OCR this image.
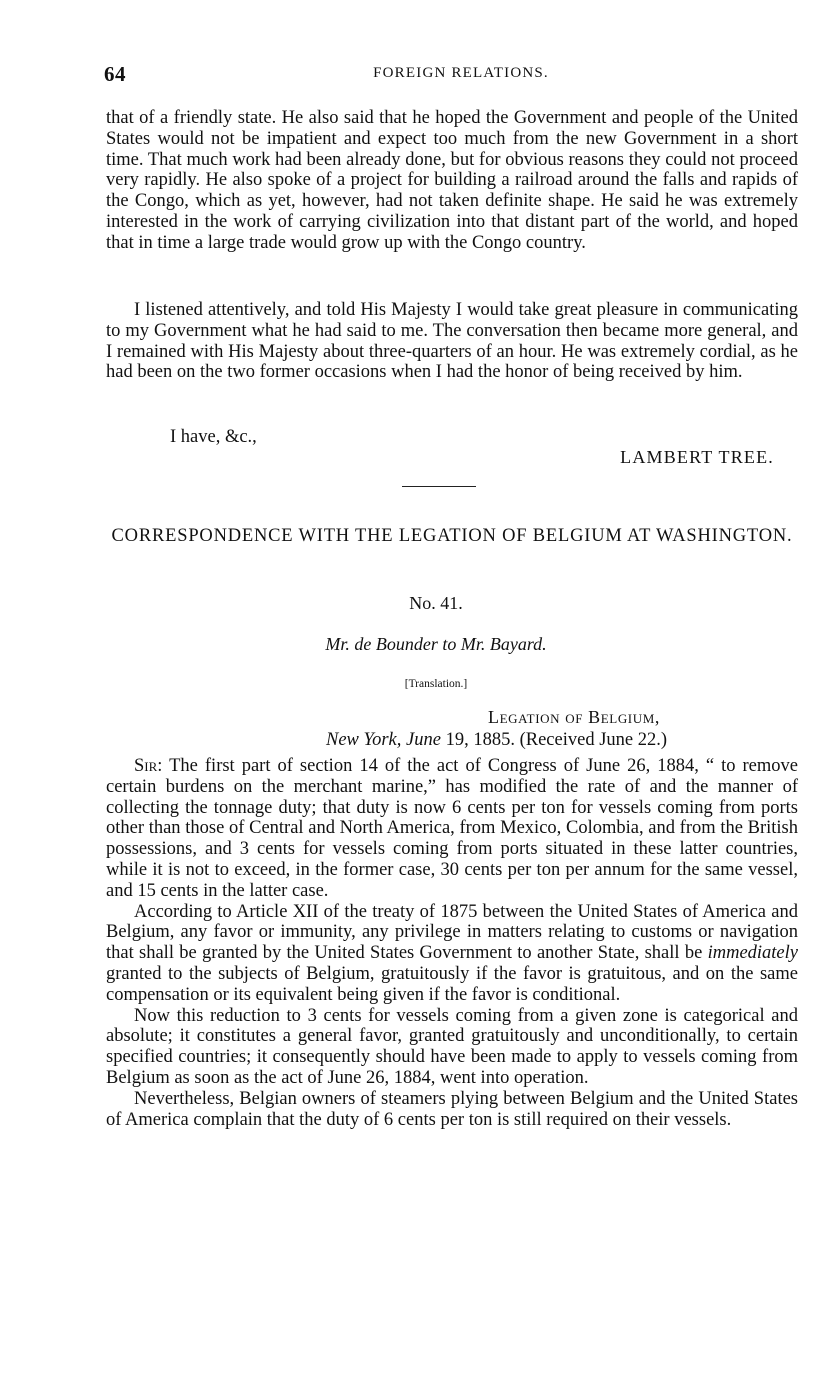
64	FOREIGN RELATIONS.

that of a friendly state. He also said that he hoped the Government and people of the United States would not be impatient and expect too much from the new Government in a short time. That much work had been already done, but for obvious reasons they could not proceed very rapidly. He also spoke of a project for building a railroad around the falls and rapids of the Congo, which as yet, however, had not taken definite shape. He said he was extremely interested in the work of carrying civilization into that distant part of the world, and hoped that in time a large trade would grow up with the Congo country.

I listened attentively, and told His Majesty I would take great pleasure in communicating to my Government what he had said to me. The conversation then became more general, and I remained with His Majesty about three-quarters of an hour. He was extremely cordial, as he had been on the two former occasions when I had the honor of being received by him.

I have, &c.,
LAMBERT TREE.
CORRESPONDENCE WITH THE LEGATION OF BELGIUM AT WASHINGTON.
No. 41.
Mr. de Bounder to Mr. Bayard.
[Translation.]
Legation of Belgium,
New York, June 19, 1885. (Received June 22.)

Sir: The first part of section 14 of the act of Congress of June 26, 1884, “ to remove certain burdens on the merchant marine,” has modified the rate of and the manner of collecting the tonnage duty; that duty is now 6 cents per ton for vessels coming from ports other than those of Central and North America, from Mexico, Colombia, and from the British possessions, and 3 cents for vessels coming from ports situated in these latter countries, while it is not to exceed, in the former case, 30 cents per ton per annum for the same vessel, and 15 cents in the latter case.

According to Article XII of the treaty of 1875 between the United States of America and Belgium, any favor or immunity, any privilege in matters relating to customs or navigation that shall be granted by the United States Government to another State, shall be immediately granted to the subjects of Belgium, gratuitously if the favor is gratuitous, and on the same compensation or its equivalent being given if the favor is conditional.

Now this reduction to 3 cents for vessels coming from a given zone is categorical and absolute; it constitutes a general favor, granted gratuitously and unconditionally, to certain specified countries; it consequently should have been made to apply to vessels coming from Belgium as soon as the act of June 26, 1884, went into operation.

Nevertheless, Belgian owners of steamers plying between Belgium and the United States of America complain that the duty of 6 cents per ton is still required on their vessels.
